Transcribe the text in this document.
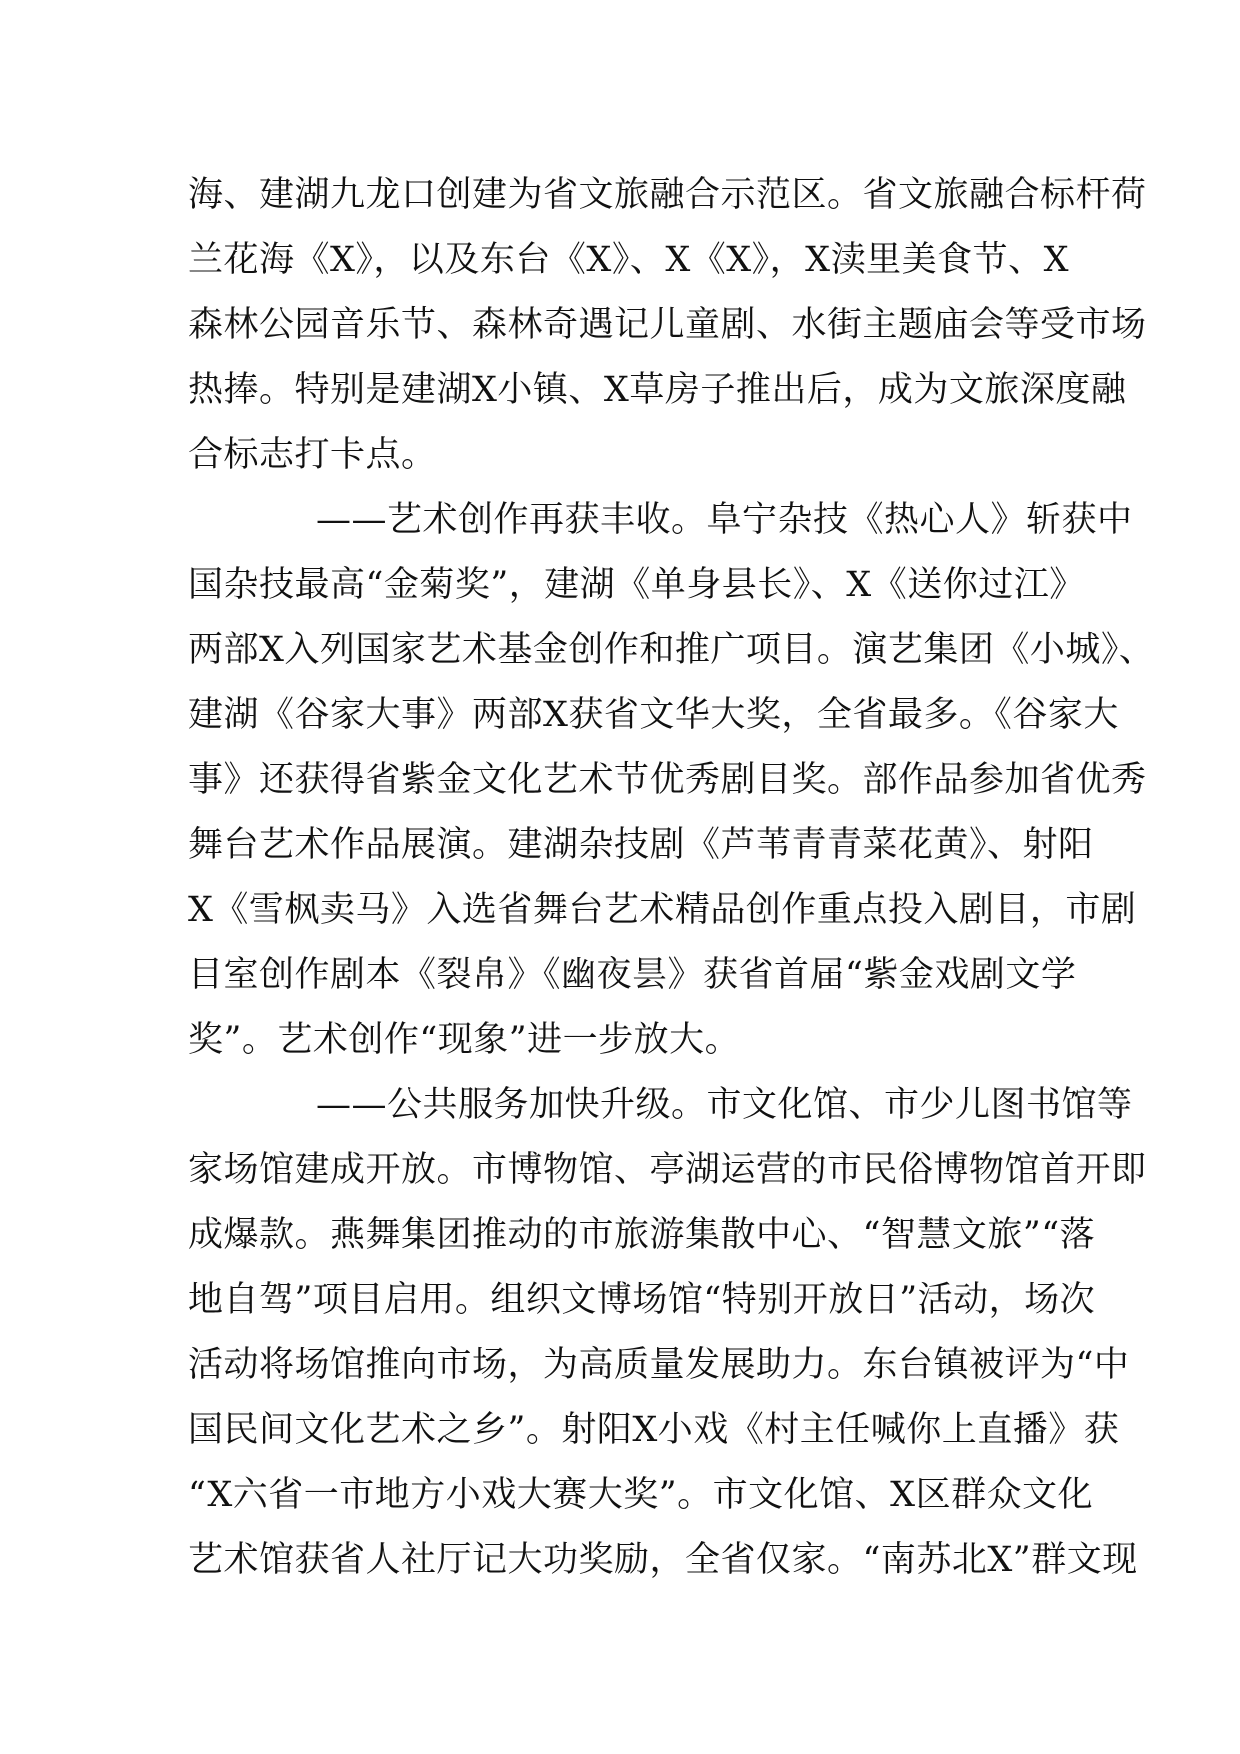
海、建湖九龙口创建为省文旅融合示范区。省文旅融合标杆荷
兰花海《X》，以及东台《X》、X《X》，X渎里美食节、X
森林公园音乐节、森林奇遇记儿童剧、水街主题庙会等受市场
热捧。特别是建湖X小镇、X草房子推出后，成为文旅深度融
合标志打卡点。
——艺术创作再获丰收。阜宁杂技《热心人》斩获中
国杂技最高“金菊奖”，建湖《单身县长》、X《送你过江》
两部X入列国家艺术基金创作和推广项目。演艺集团《小城》、
建湖《谷家大事》两部X获省文华大奖，全省最多。《谷家大
事》还获得省紫金文化艺术节优秀剧目奖。部作品参加省优秀
舞台艺术作品展演。建湖杂技剧《芦苇青青菜花黄》、射阳
X《雪枫卖马》入选省舞台艺术精品创作重点投入剧目，市剧
目室创作剧本《裂帛》《幽夜昙》获省首届“紫金戏剧文学
奖”。艺术创作“现象”进一步放大。
——公共服务加快升级。市文化馆、市少儿图书馆等
家场馆建成开放。市博物馆、亭湖运营的市民俗博物馆首开即
成爆款。燕舞集团推动的市旅游集散中心、“智慧文旅”“落
地自驾”项目启用。组织文博场馆“特别开放日”活动，场次
活动将场馆推向市场，为高质量发展助力。东台镇被评为“中
国民间文化艺术之乡”。射阳X小戏《村主任喊你上直播》获
“X六省一市地方小戏大赛大奖”。市文化馆、X区群众文化
艺术馆获省人社厅记大功奖励，全省仅家。“南苏北X”群文现
